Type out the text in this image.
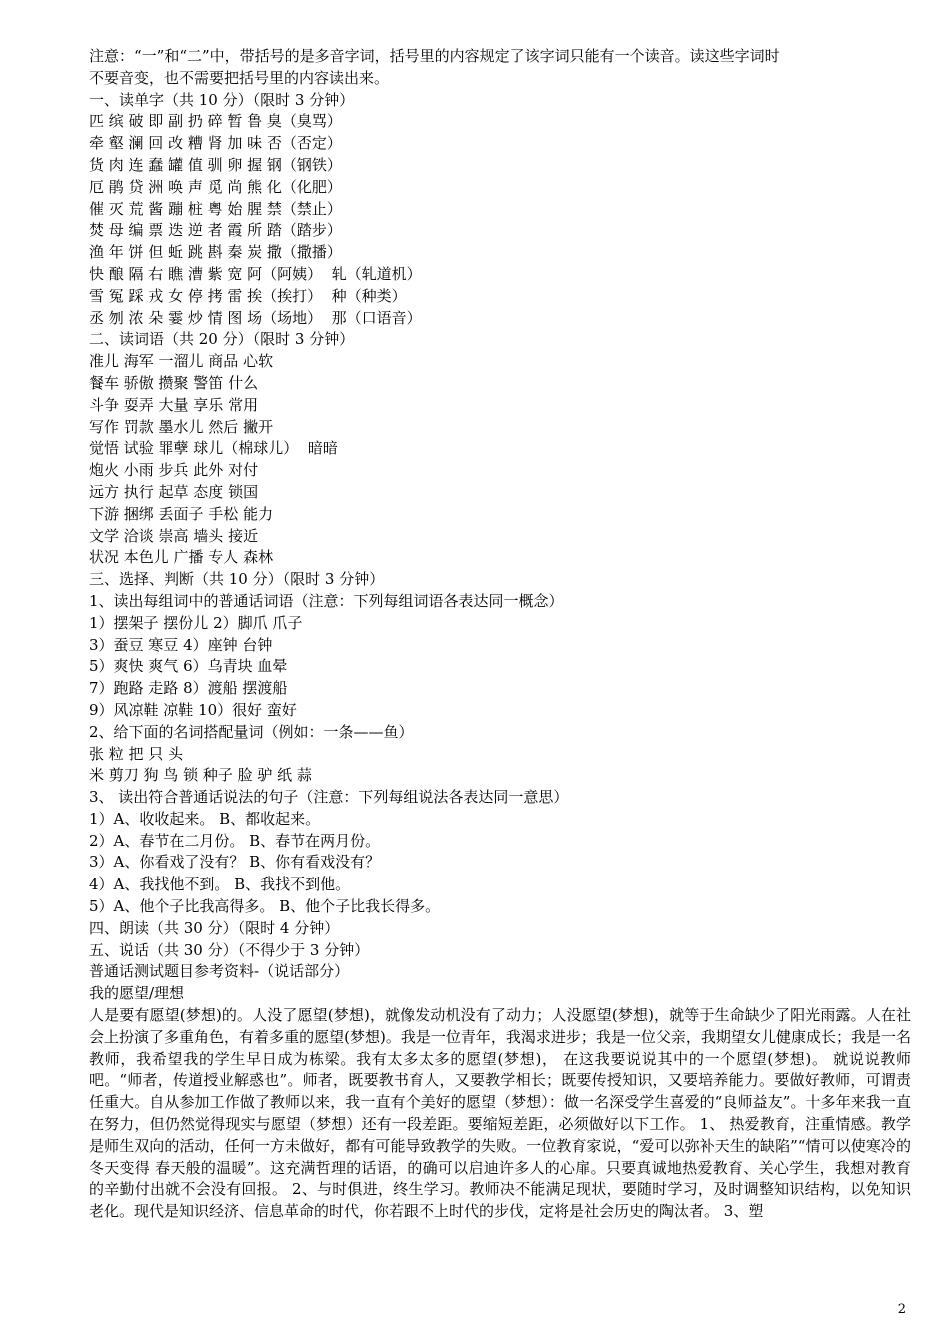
注意：“一”和“二”中，带括号的是多音字词，括号里的内容规定了该字词只能有一个读音。读这些字词时
不要音变，也不需要把括号里的内容读出来。
一、读单字（共 10 分）（限时 3 分钟）
匹 缤 破 即 副 扔 碎 暂 鲁 臭（臭骂）
牵 壑 澜 回 改 糟 肾 加 味 否（否定）
货 肉 连 蠢 罐 值 驯 卵 握 钢（钢铁）
厄 鹃 贷 洲 唤 声 觅 尚 熊 化（化肥）
催 灭 荒 酱 蹦 桩 粤 始 腥 禁（禁止）
焚 母 编 票 迭 逆 者 霞 所 踏（踏步）
渔 年 饼 但 蚯 跳 斟 秦 炭 撒（撒播）
快 酿 隔 右 瞧 漕 紫 宽 阿（阿姨）  轧（轧道机）
雪 冤 踩 戎 女 停 拷 雷 挨（挨打）  种（种类）
丞 刎 浓 朵 霎 炒 情 图 场（场地）  那（口语音）
二、读词语（共 20 分）（限时 3 分钟）
准儿 海军 一溜儿 商品 心软
餐车 骄傲 攒聚 警笛 什么
斗争 耍弄 大量 享乐 常用
写作 罚款 墨水儿 然后 撇开
觉悟 试验 罪孽 球儿（棉球儿）  暗暗
炮火 小雨 步兵 此外 对付
远方 执行 起草 态度 锁国
下游 捆绑 丢面子 手松 能力
文学 洽谈 崇高 墙头 接近
状况 本色儿 广播 专人 森林
三、选择、判断（共 10 分）（限时 3 分钟）
1、读出每组词中的普通话词语（注意：下列每组词语各表达同一概念）
1）摆架子 摆份儿 2）脚爪 爪子
3）蚕豆 寒豆 4）座钟 台钟
5）爽快 爽气 6）乌青块 血晕
7）跑路 走路 8）渡船 摆渡船
9）风凉鞋 凉鞋 10）很好 蛮好
2、给下面的名词搭配量词（例如：一条——鱼）
张 粒 把 只 头
米 剪刀 狗 鸟 锁 种子 脸 驴 纸 蒜
3、 读出符合普通话说法的句子（注意：下列每组说法各表达同一意思）
1）A、收收起来。 B、都收起来。
2）A、春节在二月份。 B、春节在两月份。
3）A、你看戏了没有？ B、你有看戏没有？
4）A、我找他不到。 B、我找不到他。
5）A、他个子比我高得多。 B、他个子比我长得多。
四、朗读（共 30 分）（限时 4 分钟）
五、说话（共 30 分）（不得少于 3 分钟）
普通话测试题目参考资料-（说话部分）
我的愿望/理想
人是要有愿望(梦想)的。人没了愿望(梦想)，就像发动机没有了动力；人没愿望(梦想)，就等于生命缺少了阳光雨露。人在社会上扮演了多重角色，有着多重的愿望(梦想)。我是一位青年，我渴求进步；我是一位父亲，我期望女儿健康成长；我是一名教师，我希望我的学生早日成为栋梁。我有太多太多的愿望(梦想)， 在这我要说说其中的一个愿望(梦想)。 就说说教师吧。“师者，传道授业解惑也”。师者，既要教书育人，又要教学相长；既要传授知识，又要培养能力。要做好教师，可谓责任重大。自从参加工作做了教师以来，我一直有个美好的愿望（梦想）：做一名深受学生喜爱的“良师益友”。十多年来我一直在努力，但仍然觉得现实与愿望（梦想）还有一段差距。要缩短差距，必须做好以下工作。 1、 热爱教育，注重情感。教学是师生双向的活动，任何一方未做好，都有可能导致教学的失败。一位教育家说，“爱可以弥补天生的缺陷”“情可以使寒冷的冬天变得 春天般的温暖”。这充满哲理的话语，的确可以启迪许多人的心扉。只要真诚地热爱教育、关心学生，我想对教育的辛勤付出就不会没有回报。 2、与时俱进，终生学习。教师决不能满足现状，要随时学习，及时调整知识结构，以免知识老化。现代是知识经济、信息革命的时代，你若跟不上时代的步伐，定将是社会历史的陶汰者。 3、塑
2
